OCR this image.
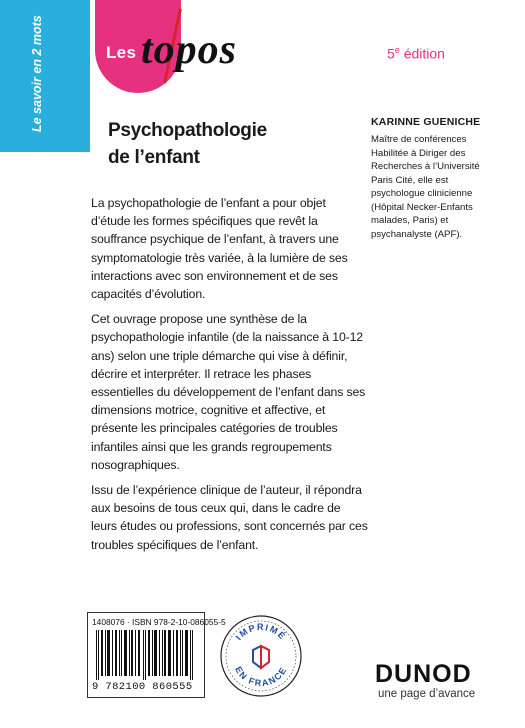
Le savoir en 2 mots	Les topos	5e édition
Psychopathologie
de l’enfant
KARINNE GUENICHE
Maître de conférences Habilitée à Diriger des Recherches à l’Université Paris Cité, elle est psychologue clinicienne (Hôpital Necker-Enfants malades, Paris) et psychanalyste (APF).

La psychopathologie de l’enfant a pour objet d’étude les formes spécifiques que revêt la souffrance psychique de l’enfant, à travers une symptomatologie très variée, à la lumière de ses interactions avec son environnement et de ses capacités d’évolution.

Cet ouvrage propose une synthèse de la psychopathologie infantile (de la naissance à 10-12 ans) selon une triple démarche qui vise à définir, décrire et interpréter. Il retrace les phases essentielles du développement de l’enfant dans ses dimensions motrice, cognitive et affective, et présente les principales catégories de troubles infantiles ainsi que les grands regroupements nosographiques.

Issu de l’expérience clinique de l’auteur, il répondra aux besoins de tous ceux qui, dans le cadre de leurs études ou professions, sont concernés par ces troubles spécifiques de l’enfant.

1408076 · ISBN 978-2-10-086055-5
9 782100 860555
IMPRIMÉ
EN FRANCE	DUNOD
une page d’avance
